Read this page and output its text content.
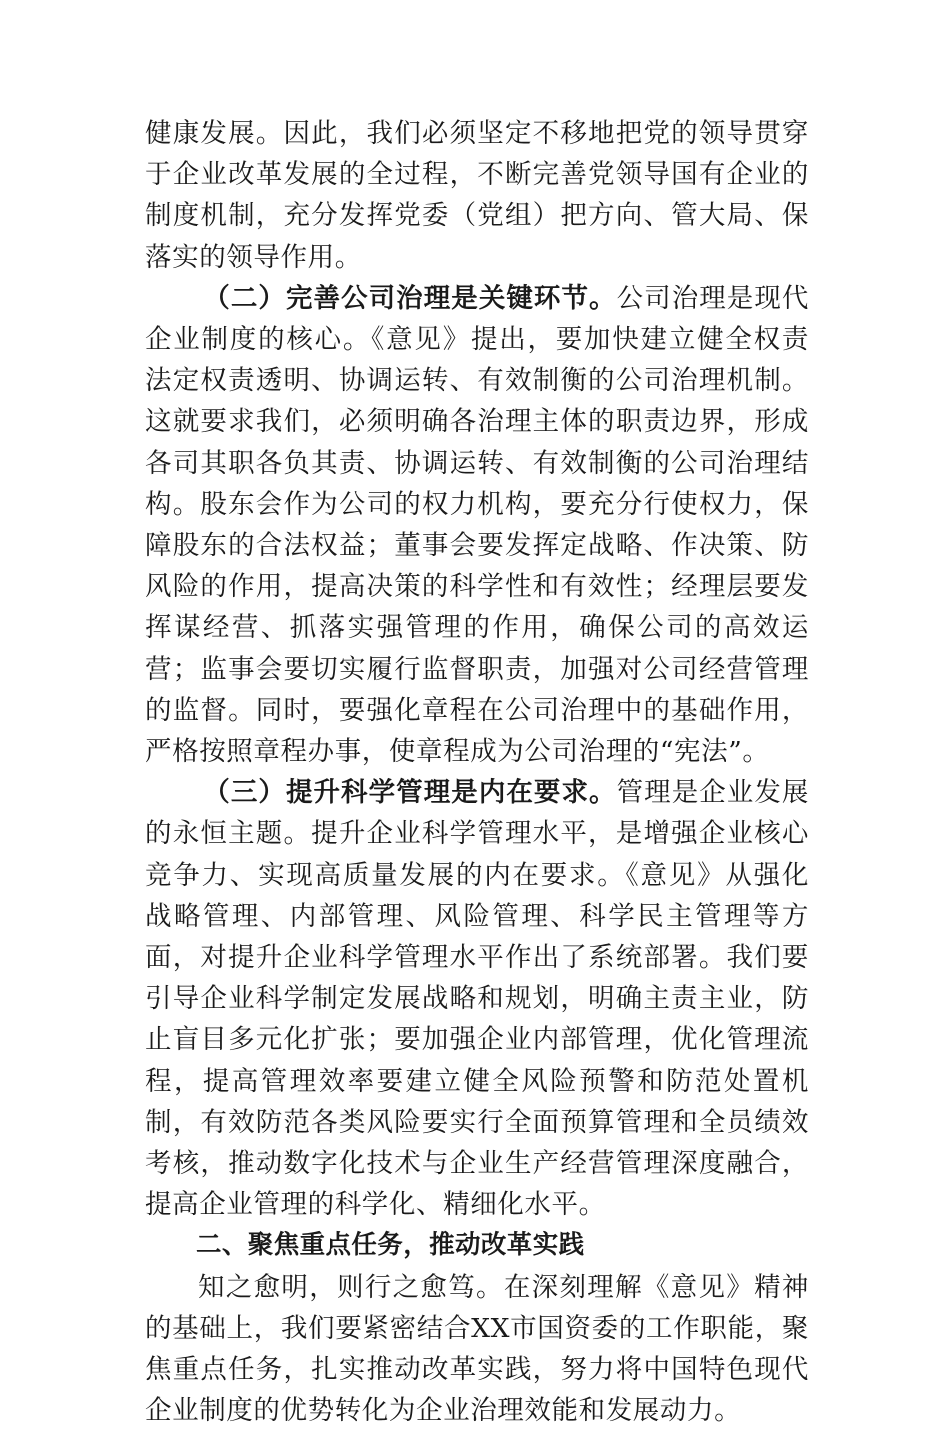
健康发展。因此，我们必须坚定不移地把党的领导贯穿于企业改革发展的全过程，不断完善党领导国有企业的制度机制，充分发挥党委（党组）把方向、管大局、保落实的领导作用。

（二）完善公司治理是关键环节。公司治理是现代企业制度的核心。《意见》提出，要加快建立健全权责法定权责透明、协调运转、有效制衡的公司治理机制。这就要求我们，必须明确各治理主体的职责边界，形成各司其职各负其责、协调运转、有效制衡的公司治理结构。股东会作为公司的权力机构，要充分行使权力，保障股东的合法权益；董事会要发挥定战略、作决策、防风险的作用，提高决策的科学性和有效性；经理层要发挥谋经营、抓落实强管理的作用，确保公司的高效运营；监事会要切实履行监督职责，加强对公司经营管理的监督。同时，要强化章程在公司治理中的基础作用，严格按照章程办事，使章程成为公司治理的“宪法”。

（三）提升科学管理是内在要求。管理是企业发展的永恒主题。提升企业科学管理水平，是增强企业核心竞争力、实现高质量发展的内在要求。《意见》从强化战略管理、内部管理、风险管理、科学民主管理等方面，对提升企业科学管理水平作出了系统部署。我们要引导企业科学制定发展战略和规划，明确主责主业，防止盲目多元化扩张；要加强企业内部管理，优化管理流程，提高管理效率要建立健全风险预警和防范处置机制，有效防范各类风险要实行全面预算管理和全员绩效考核，推动数字化技术与企业生产经营管理深度融合，提高企业管理的科学化、精细化水平。

二、聚焦重点任务，推动改革实践

知之愈明，则行之愈笃。在深刻理解《意见》精神的基础上，我们要紧密结合XX市国资委的工作职能，聚焦重点任务，扎实推动改革实践，努力将中国特色现代企业制度的优势转化为企业治理效能和发展动力。
